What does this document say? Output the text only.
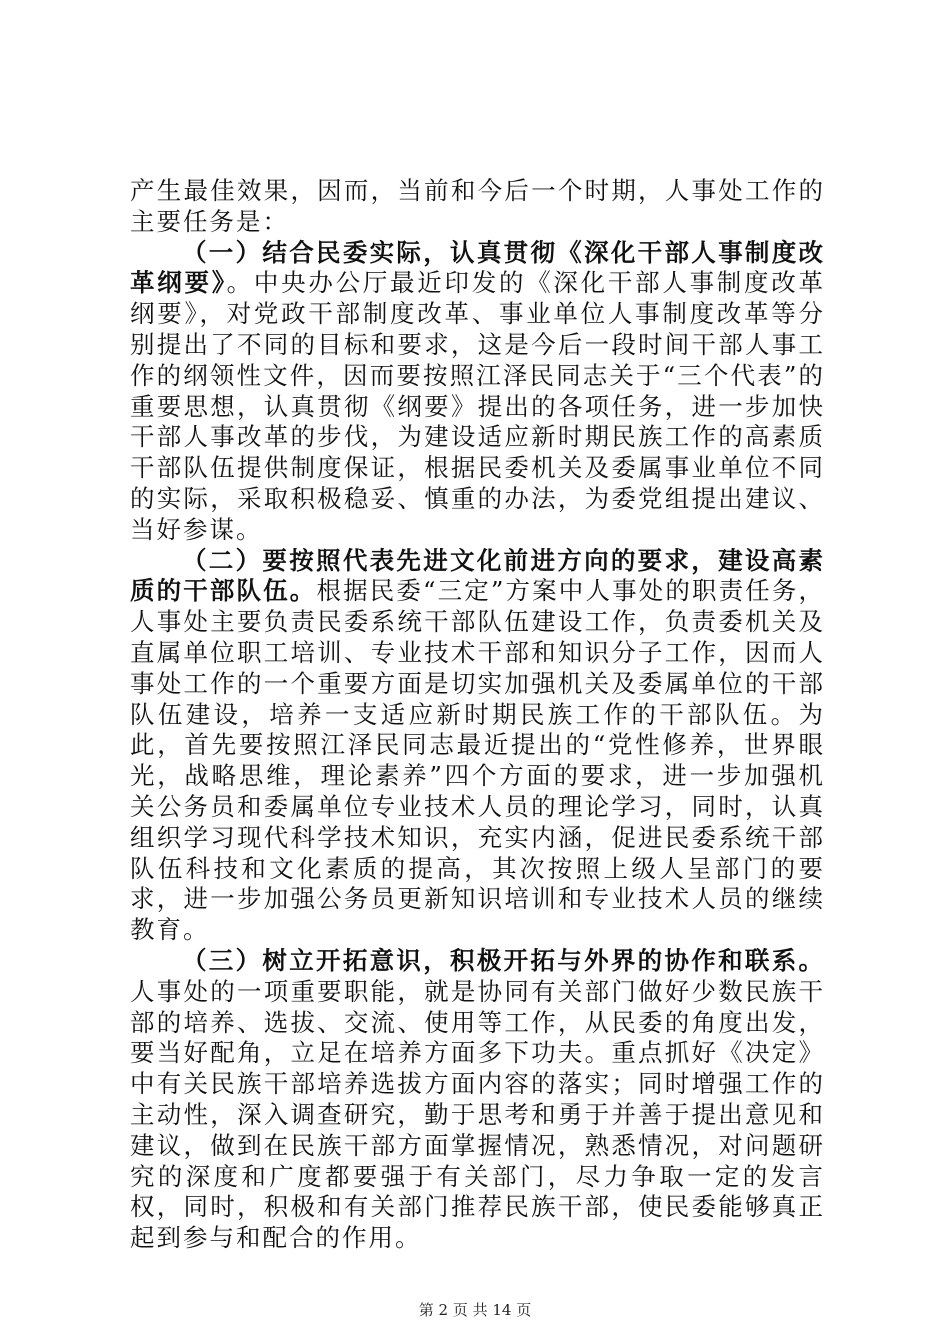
产生最佳效果，因而，当前和今后一个时期，人事处工作的主要任务是：

（一）结合民委实际，认真贯彻《深化干部人事制度改革纲要》。中央办公厅最近印发的《深化干部人事制度改革纲要》，对党政干部制度改革、事业单位人事制度改革等分别提出了不同的目标和要求，这是今后一段时间干部人事工作的纲领性文件，因而要按照江泽民同志关于“三个代表”的重要思想，认真贯彻《纲要》提出的各项任务，进一步加快干部人事改革的步伐，为建设适应新时期民族工作的高素质干部队伍提供制度保证，根据民委机关及委属事业单位不同的实际，采取积极稳妥、慎重的办法，为委党组提出建议、当好参谋。

（二）要按照代表先进文化前进方向的要求，建设高素质的干部队伍。根据民委“三定”方案中人事处的职责任务，人事处主要负责民委系统干部队伍建设工作，负责委机关及直属单位职工培训、专业技术干部和知识分子工作，因而人事处工作的一个重要方面是切实加强机关及委属单位的干部队伍建设，培养一支适应新时期民族工作的干部队伍。为此，首先要按照江泽民同志最近提出的“党性修养，世界眼光，战略思维，理论素养”四个方面的要求，进一步加强机关公务员和委属单位专业技术人员的理论学习，同时，认真组织学习现代科学技术知识，充实内涵，促进民委系统干部队伍科技和文化素质的提高，其次按照上级人呈部门的要求，进一步加强公务员更新知识培训和专业技术人员的继续教育。

（三）树立开拓意识，积极开拓与外界的协作和联系。人事处的一项重要职能，就是协同有关部门做好少数民族干部的培养、选拔、交流、使用等工作，从民委的角度出发，要当好配角，立足在培养方面多下功夫。重点抓好《决定》中有关民族干部培养选拔方面内容的落实；同时增强工作的主动性，深入调查研究，勤于思考和勇于并善于提出意见和建议，做到在民族干部方面掌握情况，熟悉情况，对问题研究的深度和广度都要强于有关部门，尽力争取一定的发言权，同时，积极和有关部门推荐民族干部，使民委能够真正起到参与和配合的作用。

第 2 页 共 14 页
